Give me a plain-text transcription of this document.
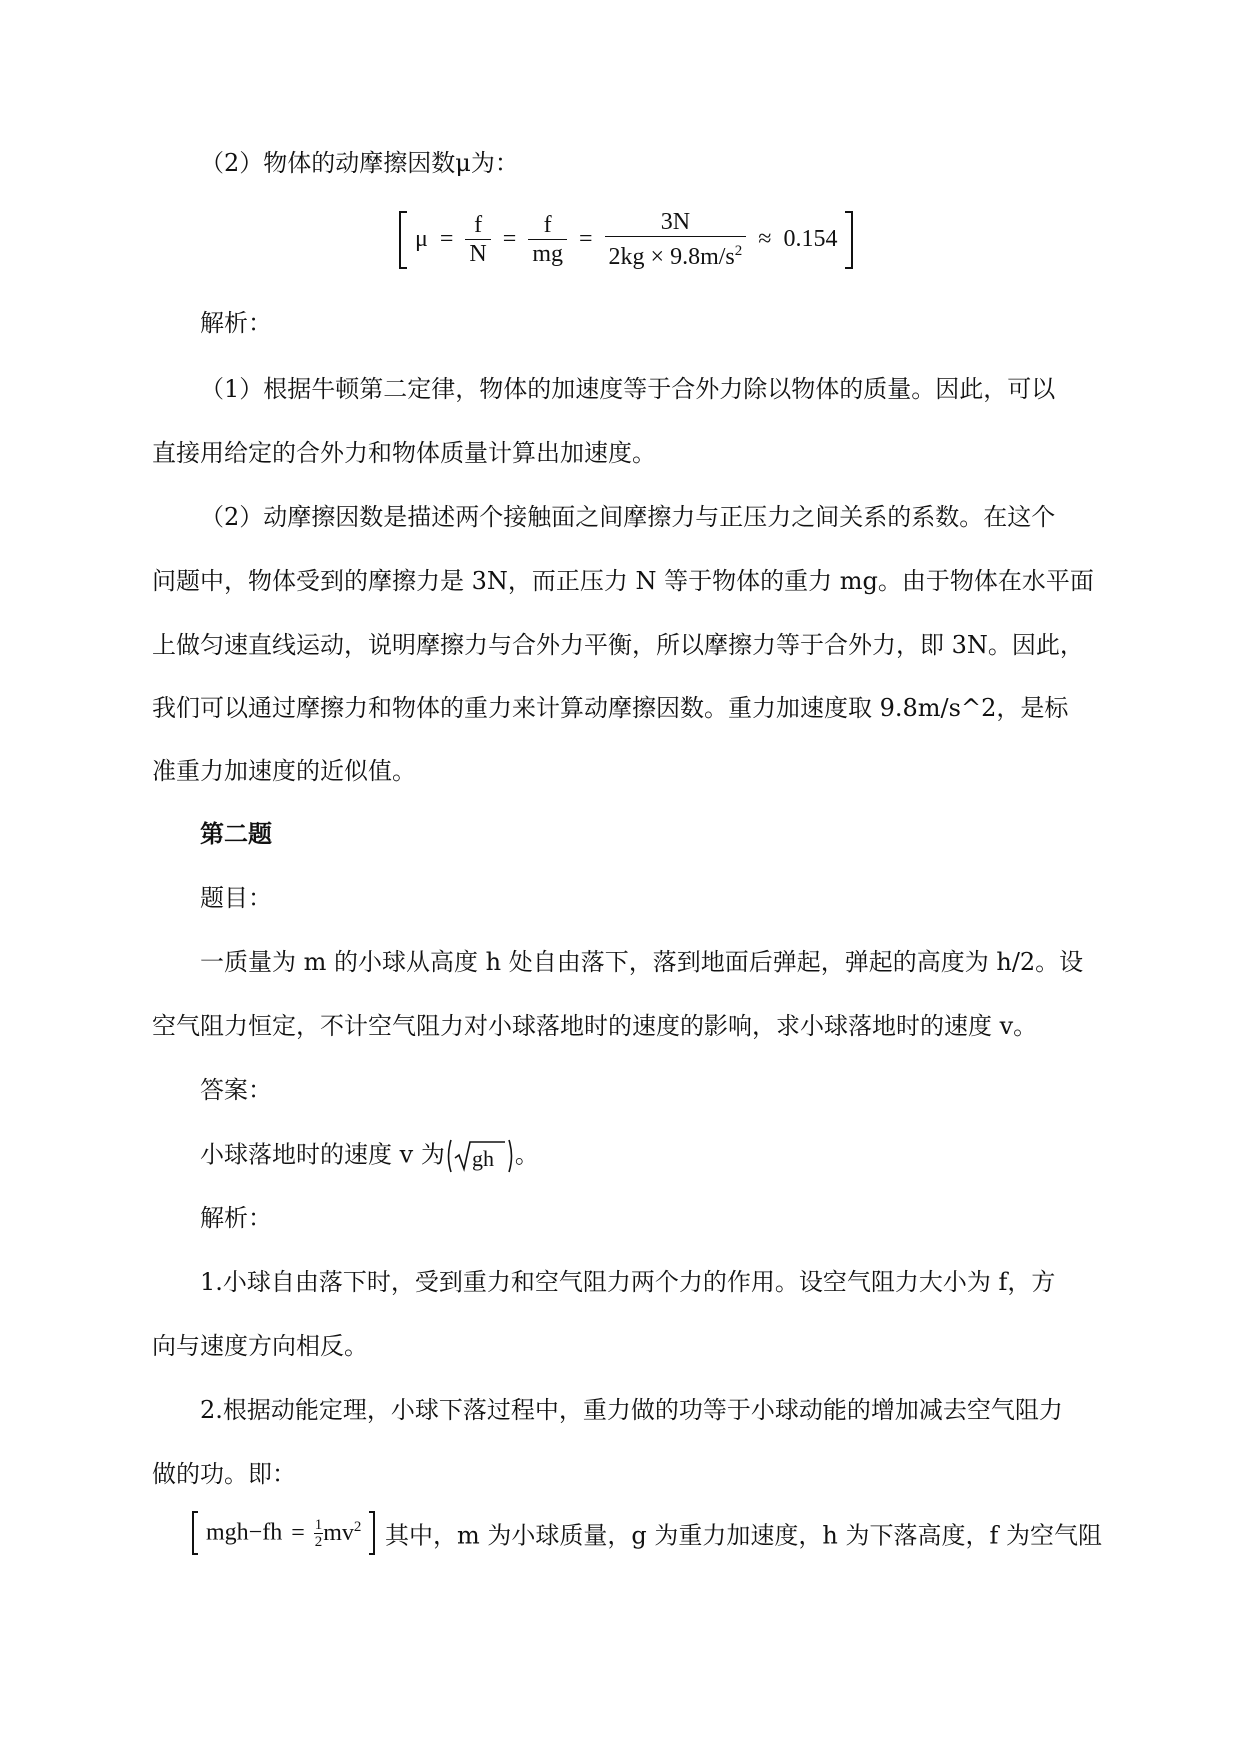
（2）物体的动摩擦因数μ为：
$\mu = \frac{f}{N} = \frac{f}{mg} = \frac{3N}{2kg \times 9.8m/s^2} \approx 0.154$
解析：
（1）根据牛顿第二定律，物体的加速度等于合外力除以物体的质量。因此，可以
直接用给定的合外力和物体质量计算出加速度。
（2）动摩擦因数是描述两个接触面之间摩擦力与正压力之间关系的系数。在这个
问题中，物体受到的摩擦力是 3N，而正压力 N 等于物体的重力 mg。由于物体在水平面
上做匀速直线运动，说明摩擦力与合外力平衡，所以摩擦力等于合外力，即 3N。因此，
我们可以通过摩擦力和物体的重力来计算动摩擦因数。重力加速度取 9.8m/s^2，是标
准重力加速度的近似值。
第二题
题目：
一质量为 m 的小球从高度 h 处自由落下，落到地面后弹起，弹起的高度为 h/2。设
空气阻力恒定，不计空气阻力对小球落地时的速度的影响，求小球落地时的速度 v。
答案：
小球落地时的速度 v 为 gh 。
解析：
1.小球自由落下时，受到重力和空气阻力两个力的作用。设空气阻力大小为 f，方
向与速度方向相反。
2.根据动能定理，小球下落过程中，重力做的功等于小球动能的增加减去空气阻力
做的功。即：
$mgh-fh = \frac{1}{2} mv^2$  其中，m 为小球质量，g 为重力加速度，h 为下落高度，f 为空气阻
